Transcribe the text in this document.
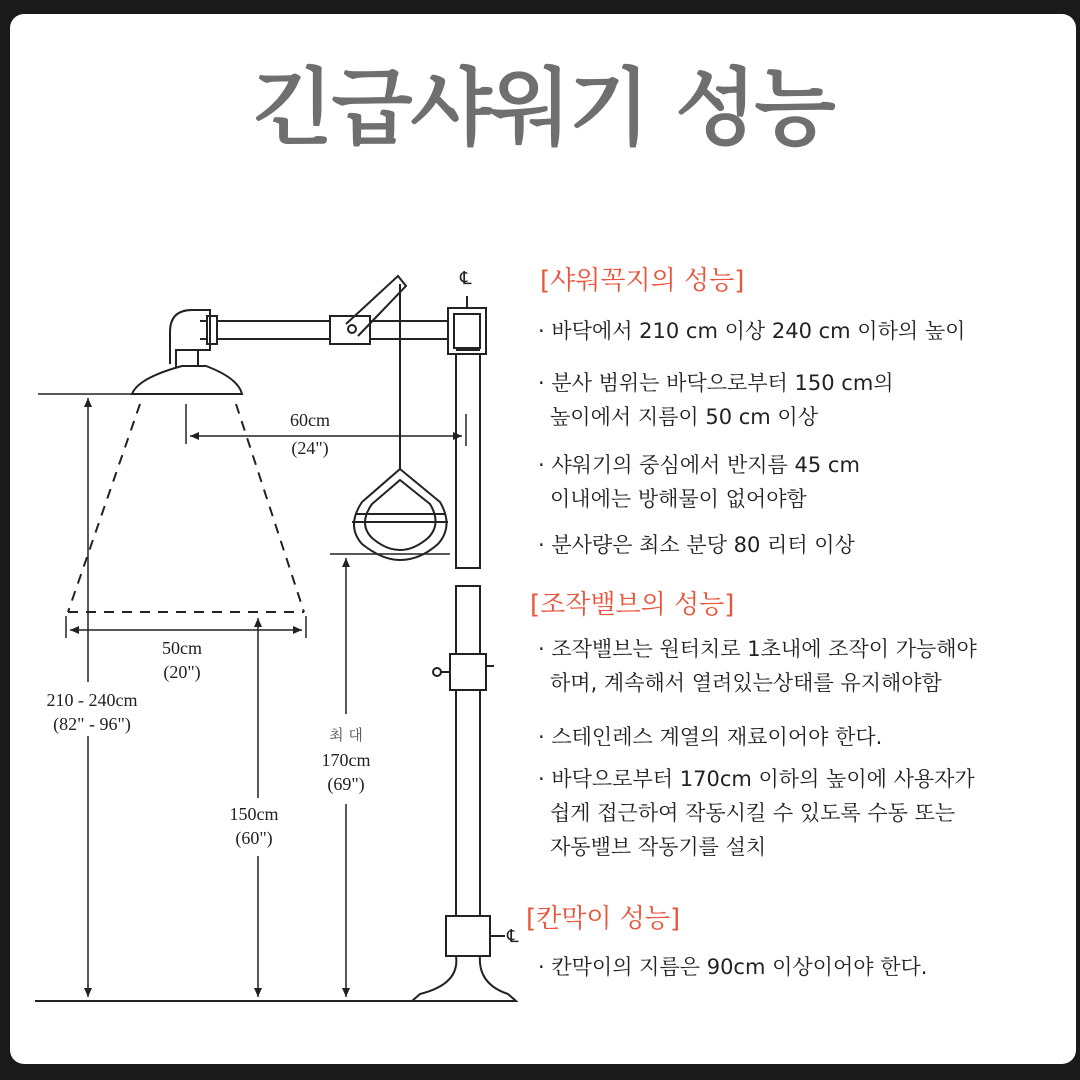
긴급샤워기 성능
℄
℄
60cm
(24")
50cm
(20")
210 - 240cm
(82" - 96")
150cm
(60")
최 대
170cm
(69")
[샤워꼭지의 성능]
· 바닥에서 210 cm 이상 240 cm 이하의 높이
· 분사 범위는 바닥으로부터 150 cm의
높이에서 지름이 50 cm 이상
· 샤워기의 중심에서 반지름 45 cm
이내에는 방해물이 없어야함
· 분사량은 최소 분당 80 리터 이상
[조작밸브의 성능]
· 조작밸브는 원터치로 1초내에 조작이 가능해야
하며, 계속해서 열려있는상태를 유지해야함
· 스테인레스 계열의 재료이어야 한다.
· 바닥으로부터 170cm 이하의 높이에 사용자가
쉽게 접근하여 작동시킬 수 있도록 수동 또는
자동밸브 작동기를 설치
[칸막이 성능]
· 칸막이의 지름은 90cm 이상이어야 한다.
